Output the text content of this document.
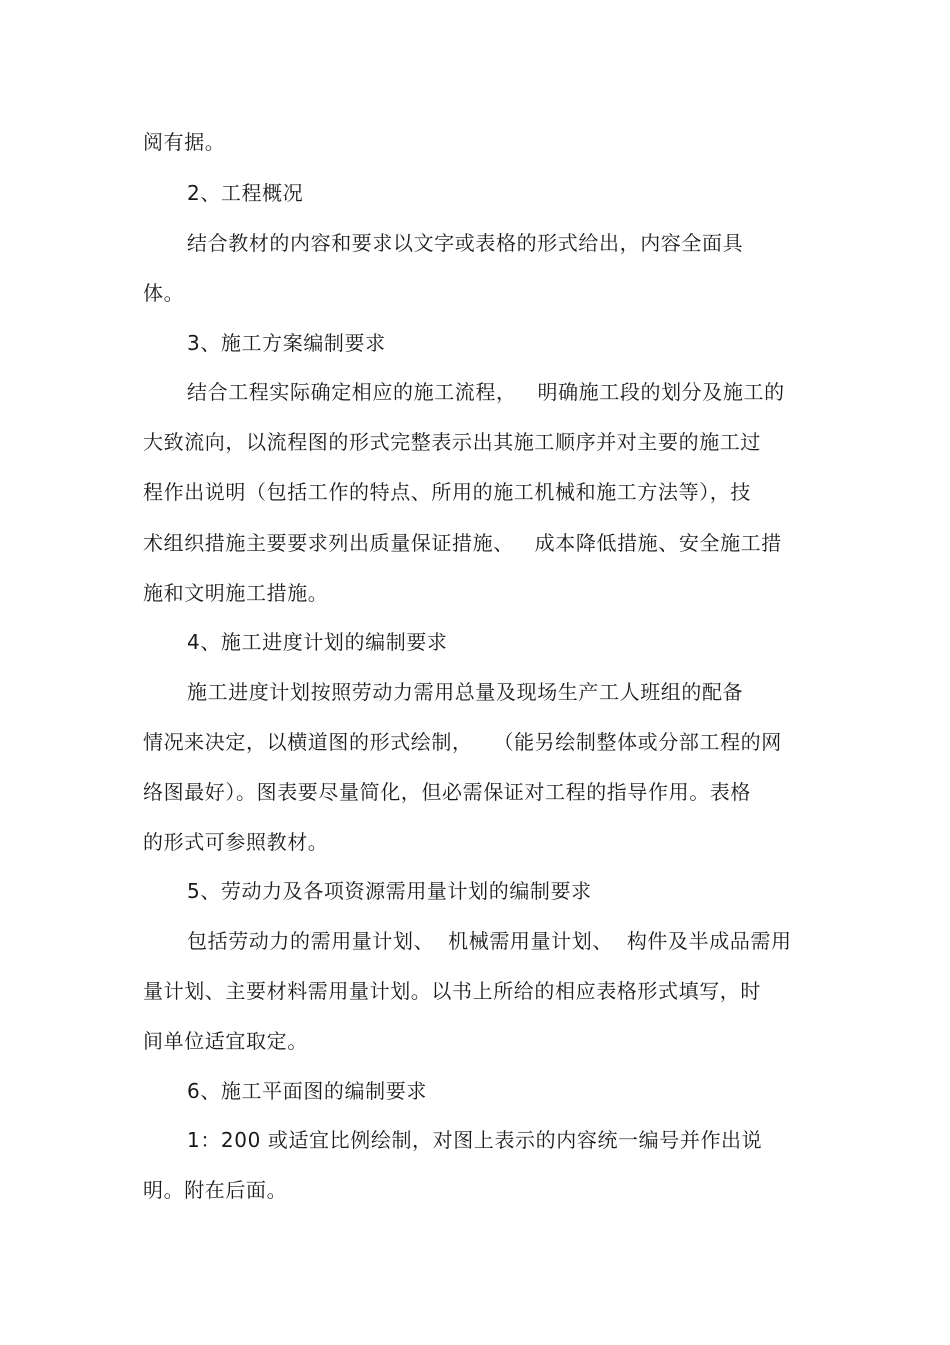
阅有据。
2、工程概况
结合教材的内容和要求以文字或表格的形式给出，内容全面具
体。
3、施工方案编制要求
结合工程实际确定相应的施工流程，   明确施工段的划分及施工的
大致流向，以流程图的形式完整表示出其施工顺序并对主要的施工过
程作出说明（包括工作的特点、所用的施工机械和施工方法等），技
术组织措施主要要求列出质量保证措施、   成本降低措施、安全施工措
施和文明施工措施。
4、施工进度计划的编制要求
施工进度计划按照劳动力需用总量及现场生产工人班组的配备
情况来决定，以横道图的形式绘制，   （能另绘制整体或分部工程的网
络图最好）。图表要尽量简化，但必需保证对工程的指导作用。表格
的形式可参照教材。
5、劳动力及各项资源需用量计划的编制要求
包括劳动力的需用量计划、  机械需用量计划、  构件及半成品需用
量计划、主要材料需用量计划。以书上所给的相应表格形式填写，时
间单位适宜取定。
6、施工平面图的编制要求
1：200 或适宜比例绘制，对图上表示的内容统一编号并作出说
明。附在后面。
